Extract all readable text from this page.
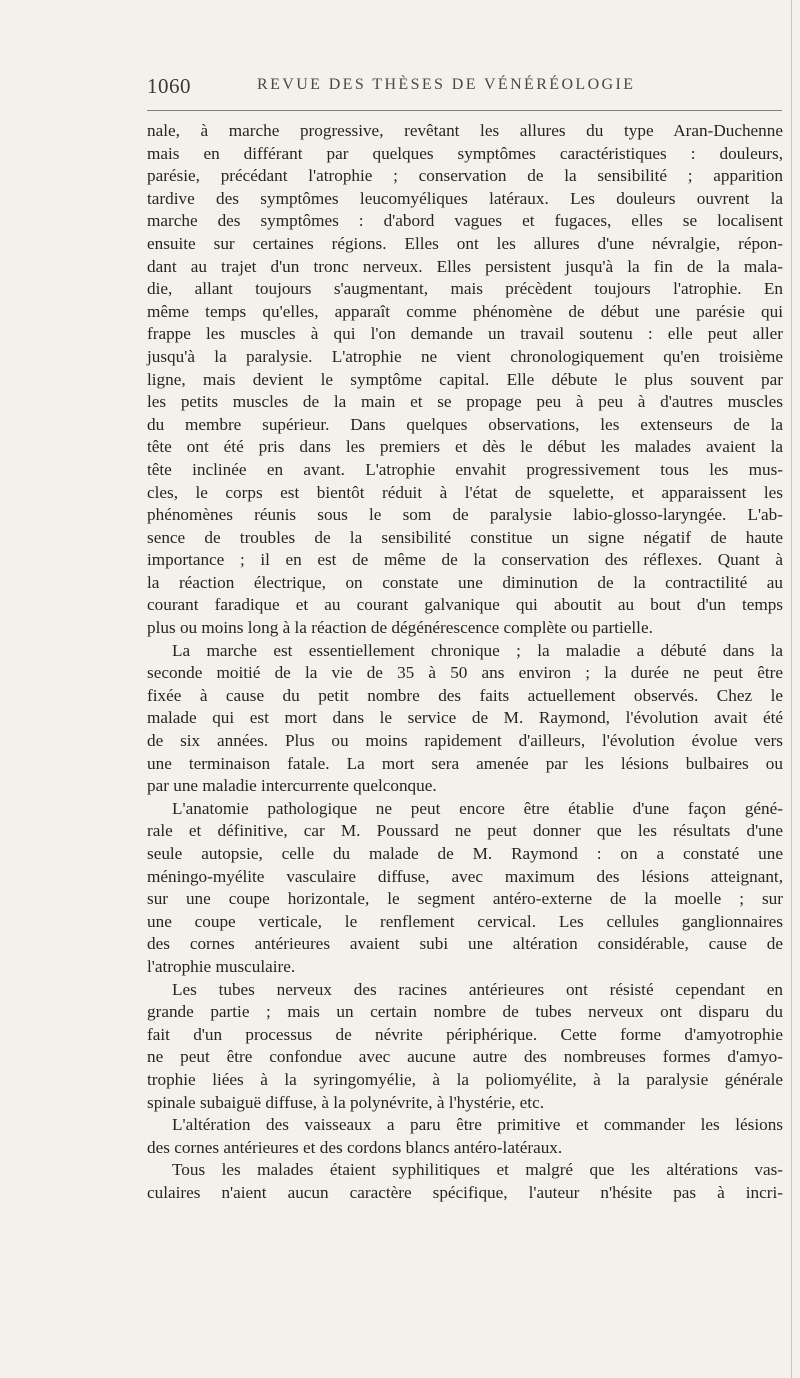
1060	REVUE DES THÈSES DE VÉNÉRÉOLOGIE
nale, à marche progressive, revêtant les allures du type Aran-Duchenne
mais en différant par quelques symptômes caractéristiques : douleurs,
parésie, précédant l'atrophie ; conservation de la sensibilité ; apparition
tardive des symptômes leucomyéliques latéraux. Les douleurs ouvrent la
marche des symptômes : d'abord vagues et fugaces, elles se localisent
ensuite sur certaines régions. Elles ont les allures d'une névralgie, répon-
dant au trajet d'un tronc nerveux. Elles persistent jusqu'à la fin de la mala-
die, allant toujours s'augmentant, mais précèdent toujours l'atrophie. En
même temps qu'elles, apparaît comme phénomène de début une parésie qui
frappe les muscles à qui l'on demande un travail soutenu : elle peut aller
jusqu'à la paralysie. L'atrophie ne vient chronologiquement qu'en troisième
ligne, mais devient le symptôme capital. Elle débute le plus souvent par
les petits muscles de la main et se propage peu à peu à d'autres muscles
du membre supérieur. Dans quelques observations, les extenseurs de la
tête ont été pris dans les premiers et dès le début les malades avaient la
tête inclinée en avant. L'atrophie envahit progressivement tous les mus-
cles, le corps est bientôt réduit à l'état de squelette, et apparaissent les
phénomènes réunis sous le som de paralysie labio-glosso-laryngée. L'ab-
sence de troubles de la sensibilité constitue un signe négatif de haute
importance ; il en est de même de la conservation des réflexes. Quant à
la réaction électrique, on constate une diminution de la contractilité au
courant faradique et au courant galvanique qui aboutit au bout d'un temps
plus ou moins long à la réaction de dégénérescence complète ou partielle.
La marche est essentiellement chronique ; la maladie a débuté dans la
seconde moitié de la vie de 35 à 50 ans environ ; la durée ne peut être
fixée à cause du petit nombre des faits actuellement observés. Chez le
malade qui est mort dans le service de M. Raymond, l'évolution avait été
de six années. Plus ou moins rapidement d'ailleurs, l'évolution évolue vers
une terminaison fatale. La mort sera amenée par les lésions bulbaires ou
par une maladie intercurrente quelconque.
L'anatomie pathologique ne peut encore être établie d'une façon géné-
rale et définitive, car M. Poussard ne peut donner que les résultats d'une
seule autopsie, celle du malade de M. Raymond : on a constaté une
méningo-myélite vasculaire diffuse, avec maximum des lésions atteignant,
sur une coupe horizontale, le segment antéro-externe de la moelle ; sur
une coupe verticale, le renflement cervical. Les cellules ganglionnaires
des cornes antérieures avaient subi une altération considérable, cause de
l'atrophie musculaire.
Les tubes nerveux des racines antérieures ont résisté cependant en
grande partie ; mais un certain nombre de tubes nerveux ont disparu du
fait d'un processus de névrite périphérique. Cette forme d'amyotrophie
ne peut être confondue avec aucune autre des nombreuses formes d'amyo-
trophie liées à la syringomyélie, à la poliomyélite, à la paralysie générale
spinale subaiguë diffuse, à la polynévrite, à l'hystérie, etc.
L'altération des vaisseaux a paru être primitive et commander les lésions
des cornes antérieures et des cordons blancs antéro-latéraux.
Tous les malades étaient syphilitiques et malgré que les altérations vas-
culaires n'aient aucun caractère spécifique, l'auteur n'hésite pas à incri-
